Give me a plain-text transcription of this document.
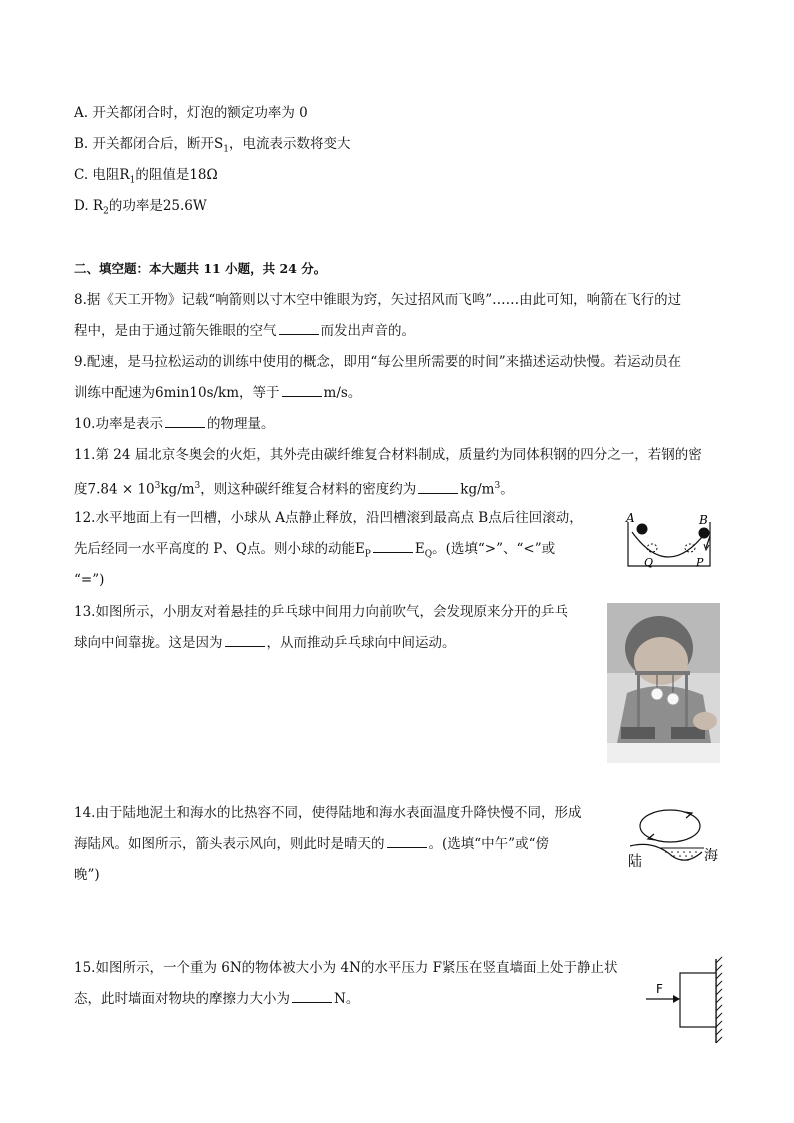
A. 开关都闭合时，灯泡的额定功率为 0
B. 开关都闭合后，断开$S_1$，电流表示数将变大
C. 电阻$R_1$的阻值是18Ω
D. $R_2$的功率是25.6W
二、填空题：本大题共 11 小题，共 24 分。
8.据《天工开物》记载“响箭则以寸木空中锥眼为窍，矢过招风而飞鸣”……由此可知，响箭在飞行的过
程中，是由于通过箭矢锥眼的空气	而发出声音的。
9.配速，是马拉松运动的训练中使用的概念，即用“每公里所需要的时间”来描述运动快慢。若运动员在
训练中配速为6min10s/km，等于	m/s。
10.功率是表示	的物理量。
11.第 24 届北京冬奥会的火炬，其外壳由碳纤维复合材料制成，质量约为同体积钢的四分之一，若钢的密
度$7.84 \times 10^3kg/m^3$，则这种碳纤维复合材料的密度约为	$kg/m^3$。
12.水平地面上有一凹槽，小球从 A点静止释放，沿凹槽滚到最高点 B点后往回滚动，
先后经同一水平高度的 P、Q点。则小球的动能$E_P$	$E_Q$。(选填“>”、“<”或
“=”)
A	B
Q	P
13.如图所示，小朋友对着悬挂的乒乓球中间用力向前吹气，会发现原来分开的乒乓
球向中间靠拢。这是因为	，从而推动乒乓球向中间运动。
14.由于陆地泥土和海水的比热容不同，使得陆地和海水表面温度升降快慢不同，形成
海陆风。如图所示，箭头表示风向，则此时是晴天的	。(选填“中午”或“傍
晚”)
陆	海
15.如图所示，一个重为 6N的物体被大小为 4N的水平压力 F紧压在竖直墙面上处于静止状
态，此时墙面对物块的摩擦力大小为	N。
F
